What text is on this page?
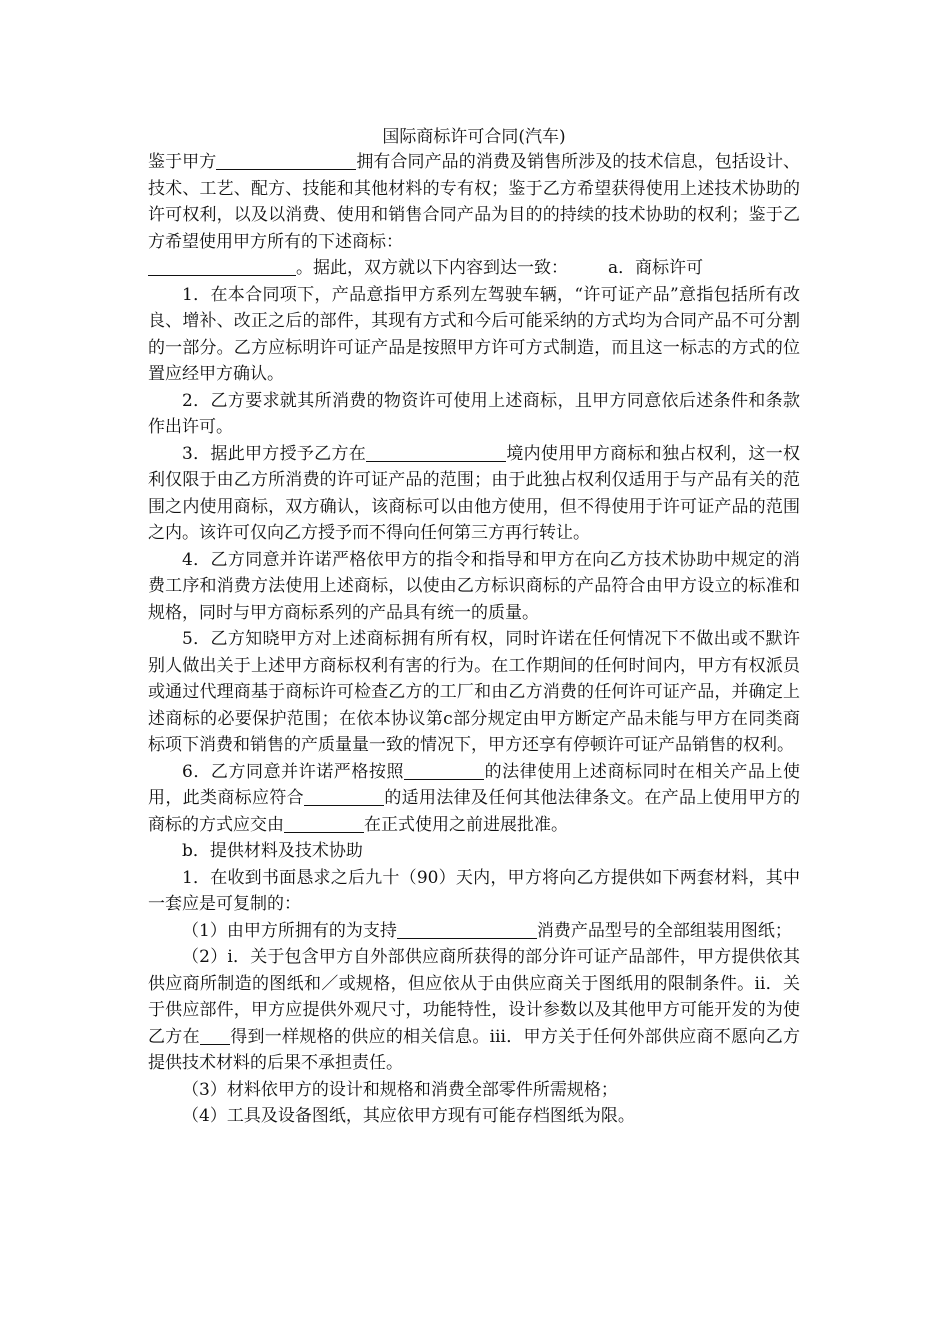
国际商标许可合同(汽车)

鉴于甲方	拥有合同产品的消费及销售所涉及的技术信息，包括设计、技术、工艺、配方、技能和其他材料的专有权；鉴于乙方希望获得使用上述技术协助的许可权利，以及以消费、使用和销售合同产品为目的的持续的技术协助的权利；鉴于乙方希望使用甲方所有的下述商标：

。据此，双方就以下内容到达一致： a．商标许可

1．在本合同项下，产品意指甲方系列左驾驶车辆，“许可证产品”意指包括所有改良、增补、改正之后的部件，其现有方式和今后可能采纳的方式均为合同产品不可分割的一部分。乙方应标明许可证产品是按照甲方许可方式制造，而且这一标志的方式的位置应经甲方确认。

2．乙方要求就其所消费的物资许可使用上述商标，且甲方同意依后述条件和条款作出许可。

3．据此甲方授予乙方在	境内使用甲方商标和独占权利，这一权利仅限于由乙方所消费的许可证产品的范围；由于此独占权利仅适用于与产品有关的范围之内使用商标，双方确认，该商标可以由他方使用，但不得使用于许可证产品的范围之内。该许可仅向乙方授予而不得向任何第三方再行转让。

4．乙方同意并许诺严格依甲方的指令和指导和甲方在向乙方技术协助中规定的消费工序和消费方法使用上述商标，以使由乙方标识商标的产品符合由甲方设立的标准和规格，同时与甲方商标系列的产品具有统一的质量。

5．乙方知晓甲方对上述商标拥有所有权，同时许诺在任何情况下不做出或不默许别人做出关于上述甲方商标权利有害的行为。在工作期间的任何时间内，甲方有权派员或通过代理商基于商标许可检查乙方的工厂和由乙方消费的任何许可证产品，并确定上述商标的必要保护范围；在依本协议第c部分规定由甲方断定产品未能与甲方在同类商标项下消费和销售的产质量量一致的情况下，甲方还享有停顿许可证产品销售的权利。

6．乙方同意并许诺严格按照	的法律使用上述商标同时在相关产品上使用，此类商标应符合	的适用法律及任何其他法律条文。在产品上使用甲方的商标的方式应交由	在正式使用之前进展批准。

b．提供材料及技术协助

1．在收到书面恳求之后九十（90）天内，甲方将向乙方提供如下两套材料，其中一套应是可复制的：

（1）由甲方所拥有的为支持	消费产品型号的全部组装用图纸；

（2）ⅰ．关于包含甲方自外部供应商所获得的部分许可证产品部件，甲方提供依其供应商所制造的图纸和／或规格，但应依从于由供应商关于图纸用的限制条件。ⅱ．关于供应部件，甲方应提供外观尺寸，功能特性，设计参数以及其他甲方可能开发的为使乙方在 得到一样规格的供应的相关信息。ⅲ．甲方关于任何外部供应商不愿向乙方提供技术材料的后果不承担责任。

（3）材料依甲方的设计和规格和消费全部零件所需规格；

（4）工具及设备图纸，其应依甲方现有可能存档图纸为限。
